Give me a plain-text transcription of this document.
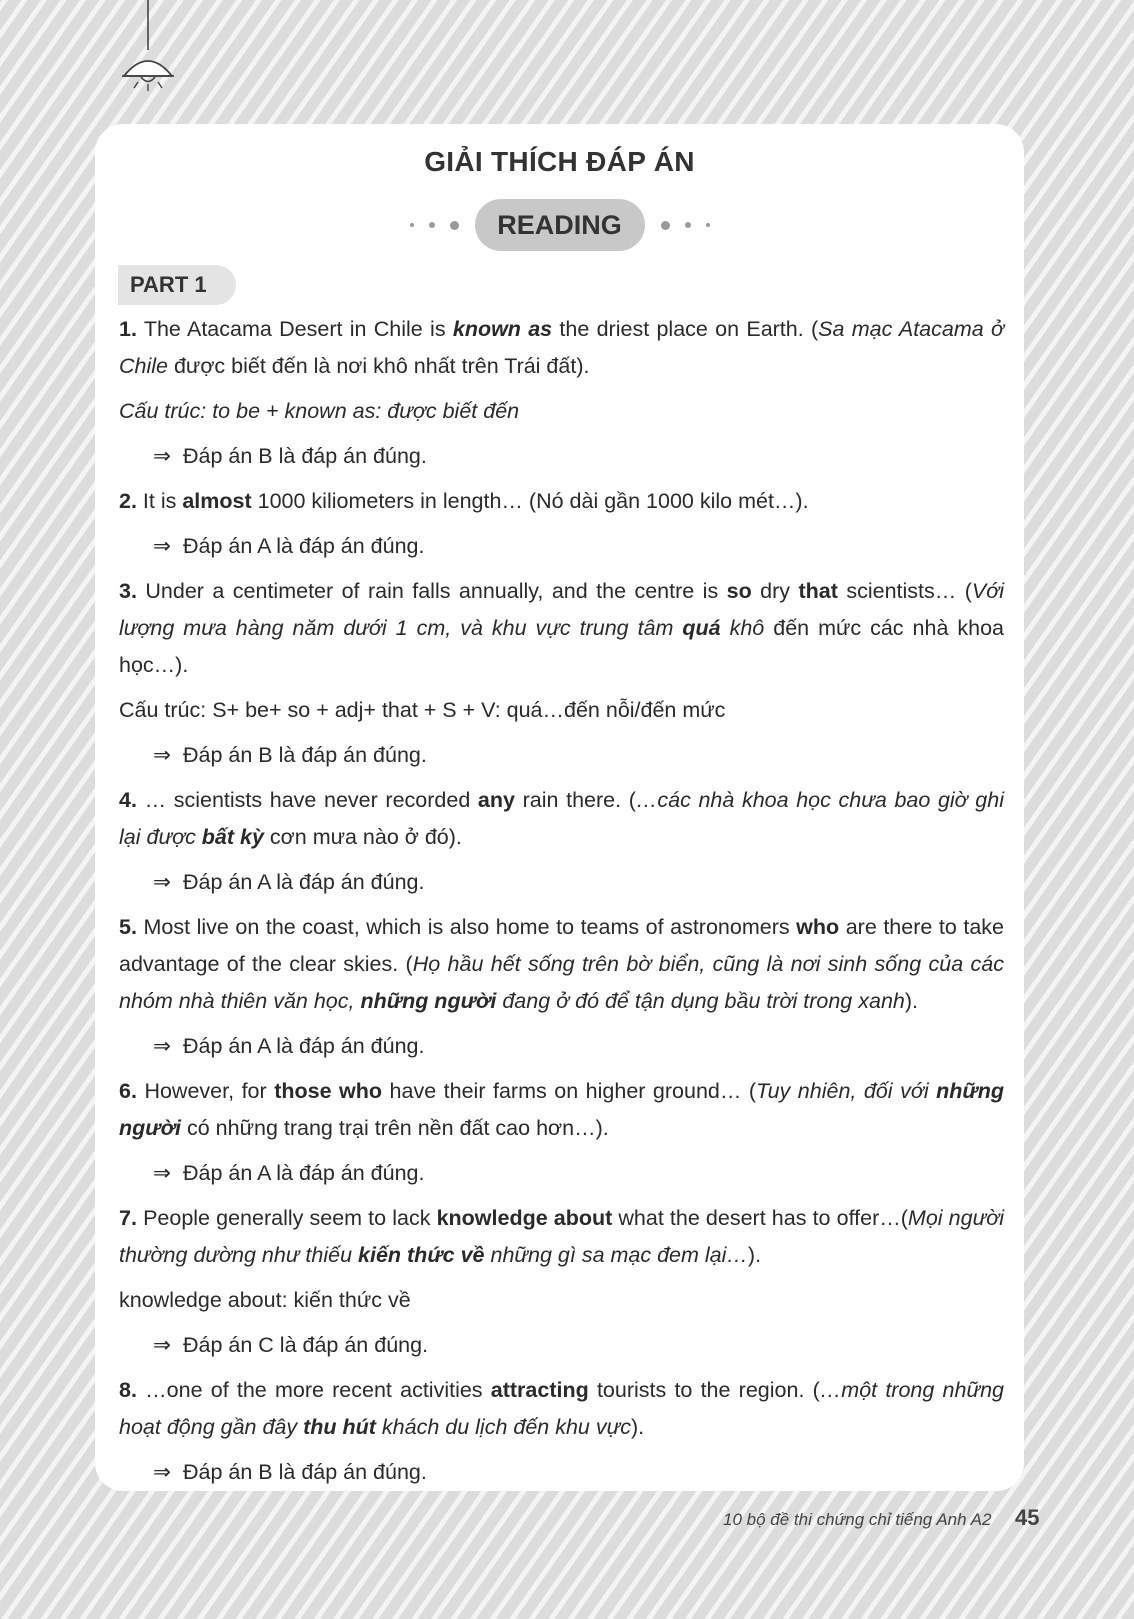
GIẢI THÍCH ĐÁP ÁN
READING
PART 1

1. The Atacama Desert in Chile is known as the driest place on Earth. (Sa mạc Atacama ở Chile được biết đến là nơi khô nhất trên Trái đất).

Cấu trúc: to be + known as: được biết đến

⇒ Đáp án B là đáp án đúng.

2. It is almost 1000 kiliometers in length… (Nó dài gần 1000 kilo mét…).

⇒ Đáp án A là đáp án đúng.

3. Under a centimeter of rain falls annually, and the centre is so dry that scientists… (Với lượng mưa hàng năm dưới 1 cm, và khu vực trung tâm quá khô đến mức các nhà khoa học…).

Cấu trúc: S+ be+ so + adj+ that + S + V: quá…đến nỗi/đến mức

⇒ Đáp án B là đáp án đúng.

4. … scientists have never recorded any rain there. (…các nhà khoa học chưa bao giờ ghi lại được bất kỳ cơn mưa nào ở đó).

⇒ Đáp án A là đáp án đúng.

5. Most live on the coast, which is also home to teams of astronomers who are there to take advantage of the clear skies. (Họ hầu hết sống trên bờ biển, cũng là nơi sinh sống của các nhóm nhà thiên văn học, những người đang ở đó để tận dụng bầu trời trong xanh).

⇒ Đáp án A là đáp án đúng.

6. However, for those who have their farms on higher ground… (Tuy nhiên, đối với những người có những trang trại trên nền đất cao hơn…).

⇒ Đáp án A là đáp án đúng.

7. People generally seem to lack knowledge about what the desert has to offer…(Mọi người thường dường như thiếu kiến thức về những gì sa mạc đem lại…).

knowledge about: kiến thức về

⇒ Đáp án C là đáp án đúng.

8. …one of the more recent activities attracting tourists to the region. (…một trong những hoạt động gần đây thu hút khách du lịch đến khu vực).

⇒ Đáp án B là đáp án đúng.

10 bộ đề thi chứng chỉ tiếng Anh A2 45
